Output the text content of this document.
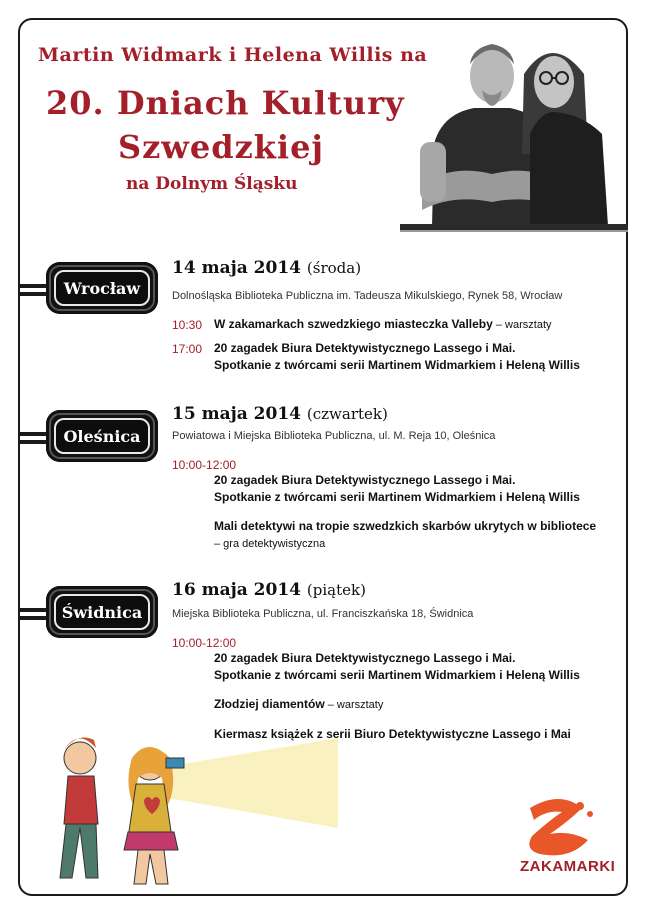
Martin Widmark i Helena Willis na
20. Dniach Kultury
Szwedzkiej
na Dolnym Śląsku
Wrocław
14 maja 2014 (środa)
Dolnośląska Biblioteka Publiczna im. Tadeusza Mikulskiego, Rynek 58, Wrocław
10:30 W zakamarkach szwedzkiego miasteczka Valleby – warsztaty
17:00 20 zagadek Biura Detektywistycznego Lassego i Mai.
Spotkanie z twórcami serii Martinem Widmarkiem i Heleną Willis
Oleśnica
15 maja 2014 (czwartek)
Powiatowa i Miejska Biblioteka Publiczna, ul. M. Reja 10, Oleśnica
10:00-12:00
20 zagadek Biura Detektywistycznego Lassego i Mai.
Spotkanie z twórcami serii Martinem Widmarkiem i Heleną Willis
Mali detektywi na tropie szwedzkich skarbów ukrytych w bibliotece
– gra detektywistyczna
Świdnica
16 maja 2014 (piątek)
Miejska Biblioteka Publiczna, ul. Franciszkańska 18, Świdnica
10:00-12:00
20 zagadek Biura Detektywistycznego Lassego i Mai.
Spotkanie z twórcami serii Martinem Widmarkiem i Heleną Willis
Złodziej diamentów – warsztaty
Kiermasz książek z serii Biuro Detektywistyczne Lassego i Mai
ZAKAMARKI
